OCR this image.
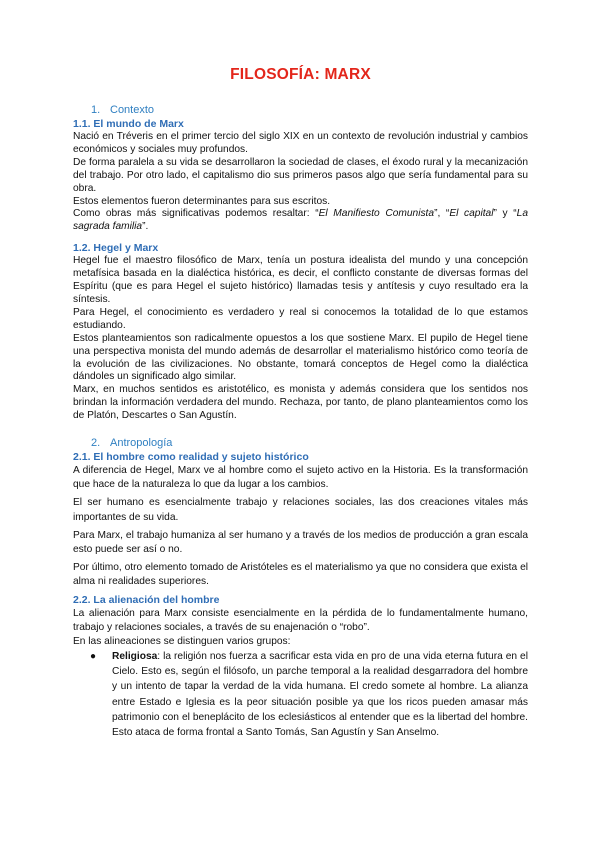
FILOSOFÍA: MARX
1. Contexto
1.1. El mundo de Marx

Nació en Tréveris en el primer tercio del siglo XIX en un contexto de revolución industrial y cambios económicos y sociales muy profundos.

De forma paralela a su vida se desarrollaron la sociedad de clases, el éxodo rural y la mecanización del trabajo. Por otro lado, el capitalismo dio sus primeros pasos algo que sería fundamental para su obra.

Estos elementos fueron determinantes para sus escritos.

Como obras más significativas podemos resaltar: “El Manifiesto Comunista”, “El capital” y “La sagrada familia”.

1.2. Hegel y Marx

Hegel fue el maestro filosófico de Marx, tenía un postura idealista del mundo y una concepción metafísica basada en la dialéctica histórica, es decir, el conflicto constante de diversas formas del Espíritu (que es para Hegel el sujeto histórico) llamadas tesis y antítesis y cuyo resultado era la síntesis.

Para Hegel, el conocimiento es verdadero y real si conocemos la totalidad de lo que estamos estudiando.

Estos planteamientos son radicalmente opuestos a los que sostiene Marx. El pupilo de Hegel tiene una perspectiva monista del mundo además de desarrollar el materialismo histórico como teoría de la evolución de las civilizaciones. No obstante, tomará conceptos de Hegel como la dialéctica dándoles un significado algo similar.

Marx, en muchos sentidos es aristotélico, es monista y además considera que los sentidos nos brindan la información verdadera del mundo. Rechaza, por tanto, de plano planteamientos como los de Platón, Descartes o San Agustín.

2. Antropología
2.1. El hombre como realidad y sujeto histórico

A diferencia de Hegel, Marx ve al hombre como el sujeto activo en la Historia. Es la transformación que hace de la naturaleza lo que da lugar a los cambios.

El ser humano es esencialmente trabajo y relaciones sociales, las dos creaciones vitales más importantes de su vida.

Para Marx, el trabajo humaniza al ser humano y a través de los medios de producción a gran escala esto puede ser así o no.

Por último, otro elemento tomado de Aristóteles es el materialismo ya que no considera que exista el alma ni realidades superiores.

2.2. La alienación del hombre

La alienación para Marx consiste esencialmente en la pérdida de lo fundamentalmente humano, trabajo y relaciones sociales, a través de su enajenación o “robo”.

En las alineaciones se distinguen varios grupos:

● Religiosa: la religión nos fuerza a sacrificar esta vida en pro de una vida eterna futura en el Cielo. Esto es, según el filósofo, un parche temporal a la realidad desgarradora del hombre y un intento de tapar la verdad de la vida humana. El credo somete al hombre. La alianza entre Estado e Iglesia es la peor situación posible ya que los ricos pueden amasar más patrimonio con el beneplácito de los eclesiásticos al entender que es la libertad del hombre. Esto ataca de forma frontal a Santo Tomás, San Agustín y San Anselmo.
